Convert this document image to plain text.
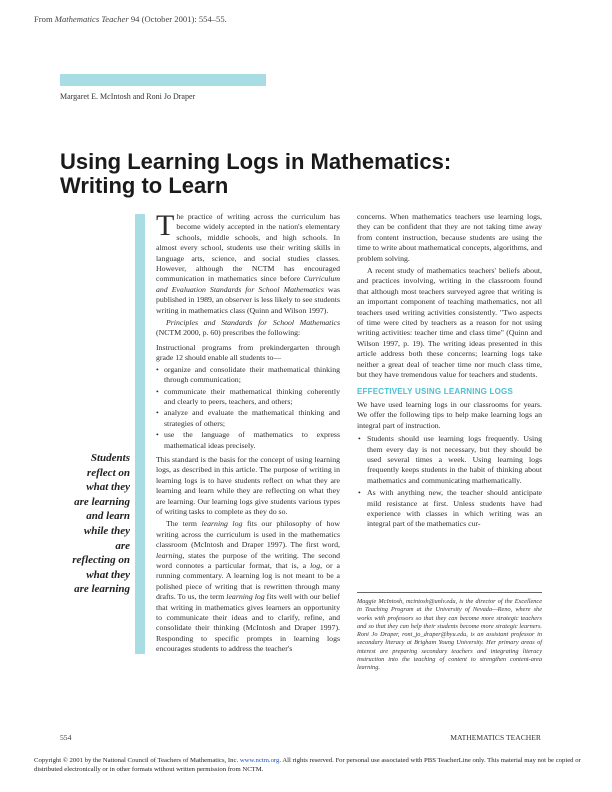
From Mathematics Teacher 94 (October 2001): 554–55.
Margaret E. McIntosh and Roni Jo Draper
Using Learning Logs in Mathematics:
Writing to Learn
Students reflect on what they are learning and learn while they are reflecting on what they are learning

The practice of writing across the curriculum has become widely accepted in the nation's elementary schools, middle schools, and high schools. In almost every school, students use their writing skills in language arts, science, and social studies classes. However, although the NCTM has encouraged communication in mathematics since before Curriculum and Evaluation Standards for School Mathematics was published in 1989, an observer is less likely to see students writing in mathematics class (Quinn and Wilson 1997).

Principles and Standards for School Mathematics (NCTM 2000, p. 60) prescribes the following:

Instructional programs from prekindergarten through grade 12 should enable all students to—
• organize and consolidate their mathematical thinking through communication;
• communicate their mathematical thinking coherently and clearly to peers, teachers, and others;
• analyze and evaluate the mathematical thinking and strategies of others;
• use the language of mathematics to express mathematical ideas precisely.

This standard is the basis for the concept of using learning logs, as described in this article. The purpose of writing in learning logs is to have students reflect on what they are learning and learn while they are reflecting on what they are learning. Our learning logs give students various types of writing tasks to complete as they do so.

The term learning log fits our philosophy of how writing across the curriculum is used in the mathematics classroom (McIntosh and Draper 1997). The first word, learning, states the purpose of the writing. The second word connotes a particular format, that is, a log, or a running commentary. A learning log is not meant to be a polished piece of writing that is rewritten through many drafts. To us, the term learning log fits well with our belief that writing in mathematics gives learners an opportunity to communicate their ideas and to clarify, refine, and consolidate their thinking (McIntosh and Draper 1997). Responding to specific prompts in learning logs encourages students to address the teacher's

concerns. When mathematics teachers use learning logs, they can be confident that they are not taking time away from content instruction, because students are using the time to write about mathematical concepts, algorithms, and problem solving.

A recent study of mathematics teachers' beliefs about, and practices involving, writing in the classroom found that although most teachers surveyed agree that writing is an important component of teaching mathematics, not all teachers used writing activities consistently. "Two aspects of time were cited by teachers as a reason for not using writing activities: teacher time and class time" (Quinn and Wilson 1997, p. 19). The writing ideas presented in this article address both these concerns; learning logs take neither a great deal of teacher time nor much class time, but they have tremendous value for teachers and students.

EFFECTIVELY USING LEARNING LOGS

We have used learning logs in our classrooms for years. We offer the following tips to help make learning logs an integral part of instruction.

• Students should use learning logs frequently. Using them every day is not necessary, but they should be used several times a week. Using learning logs frequently keeps students in the habit of thinking about mathematics and communicating mathematically.
• As with anything new, the teacher should anticipate mild resistance at first. Unless students have had experience with classes in which writing was an integral part of the mathematics cur-
Maggie McIntosh, mcintosh@unlv.edu, is the director of the Excellence in Teaching Program at the University of Nevada—Reno, where she works with professors so that they can become more strategic teachers and so that they can help their students become more strategic learners. Roni Jo Draper, roni_jo_draper@byu.edu, is an assistant professor in secondary literacy at Brigham Young University. Her primary areas of interest are preparing secondary teachers and integrating literacy instruction into the teaching of content to strengthen content-area learning.
554	MATHEMATICS TEACHER
Copyright © 2001 by the National Council of Teachers of Mathematics, Inc. www.nctm.org. All rights reserved. For personal use associated with PBS TeacherLine only. This material may not be copied or distributed electronically or in other formats without written permission from NCTM.
